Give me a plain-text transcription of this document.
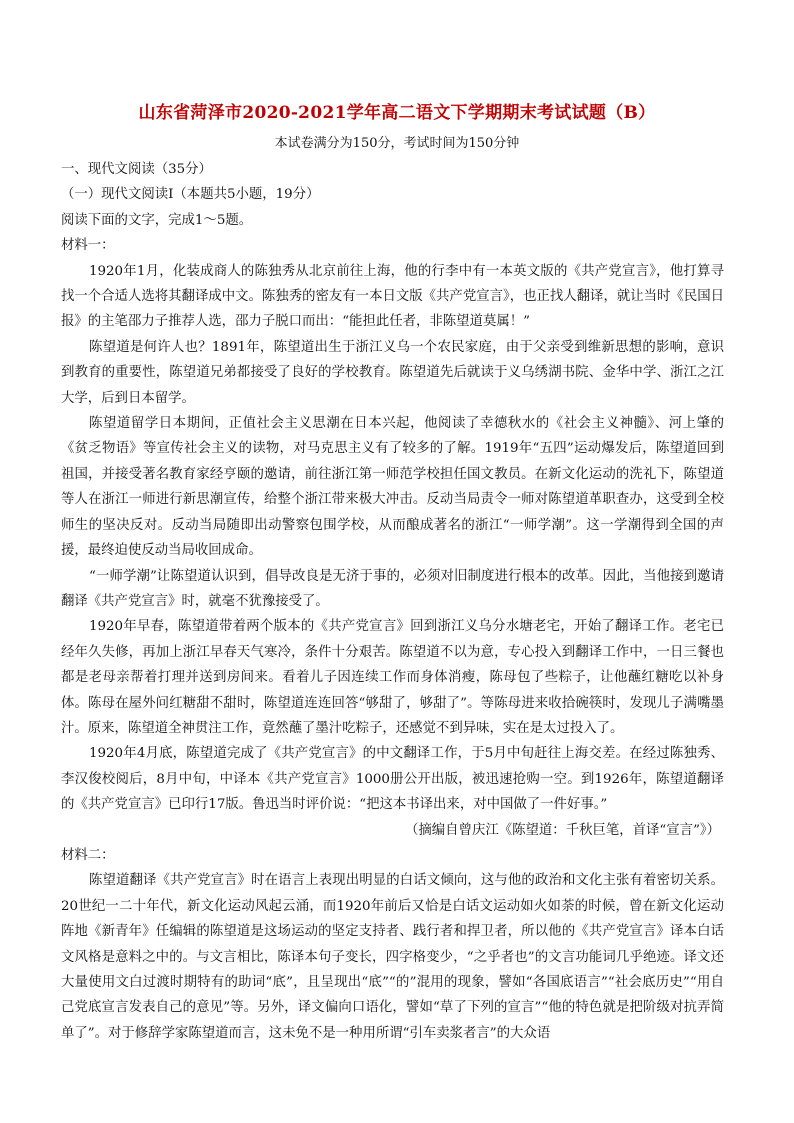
山东省菏泽市2020-2021学年高二语文下学期期末考试试题（B）
本试卷满分为150分，考试时间为150分钟

一、现代文阅读（35分）

（一）现代文阅读Ⅰ（本题共5小题，19分）

阅读下面的文字，完成1～5题。

材料一：

1920年1月，化装成商人的陈独秀从北京前往上海，他的行李中有一本英文版的《共产党宣言》，他打算寻找一个合适人选将其翻译成中文。陈独秀的密友有一本日文版《共产党宣言》，也正找人翻译，就让当时《民国日报》的主笔邵力子推荐人选，邵力子脱口而出：“能担此任者，非陈望道莫属！”

陈望道是何许人也？1891年，陈望道出生于浙江义乌一个农民家庭，由于父亲受到维新思想的影响，意识到教育的重要性，陈望道兄弟都接受了良好的学校教育。陈望道先后就读于义乌绣湖书院、金华中学、浙江之江大学，后到日本留学。

陈望道留学日本期间，正值社会主义思潮在日本兴起，他阅读了幸德秋水的《社会主义神髓》、河上肇的《贫乏物语》等宣传社会主义的读物，对马克思主义有了较多的了解。1919年“五四”运动爆发后，陈望道回到祖国，并接受著名教育家经亨颐的邀请，前往浙江第一师范学校担任国文教员。在新文化运动的洗礼下，陈望道等人在浙江一师进行新思潮宣传，给整个浙江带来极大冲击。反动当局责令一师对陈望道革职查办，这受到全校师生的坚决反对。反动当局随即出动警察包围学校，从而酿成著名的浙江“一师学潮”。这一学潮得到全国的声援，最终迫使反动当局收回成命。

“一师学潮”让陈望道认识到，倡导改良是无济于事的，必须对旧制度进行根本的改革。因此，当他接到邀请翻译《共产党宣言》时，就毫不犹豫接受了。

1920年早春，陈望道带着两个版本的《共产党宣言》回到浙江义乌分水塘老宅，开始了翻译工作。老宅已经年久失修，再加上浙江早春天气寒冷，条件十分艰苦。陈望道不以为意，专心投入到翻译工作中，一日三餐也都是老母亲帮着打理并送到房间来。看着儿子因连续工作而身体消瘦，陈母包了些粽子，让他蘸红糖吃以补身体。陈母在屋外问红糖甜不甜时，陈望道连连回答“够甜了，够甜了”。等陈母进来收拾碗筷时，发现儿子满嘴墨汁。原来，陈望道全神贯注工作，竟然蘸了墨汁吃粽子，还感觉不到异味，实在是太过投入了。

1920年4月底，陈望道完成了《共产党宣言》的中文翻译工作，于5月中旬赶往上海交差。在经过陈独秀、李汉俊校阅后，8月中旬，中译本《共产党宣言》1000册公开出版，被迅速抢购一空。到1926年，陈望道翻译的《共产党宣言》已印行17版。鲁迅当时评价说：“把这本书译出来，对中国做了一件好事。”

（摘编自曾庆江《陈望道：千秋巨笔，首译“宣言”》）

材料二：

陈望道翻译《共产党宣言》时在语言上表现出明显的白话文倾向，这与他的政治和文化主张有着密切关系。20世纪一二十年代，新文化运动风起云涌，而1920年前后又恰是白话文运动如火如荼的时候，曾在新文化运动阵地《新青年》任编辑的陈望道是这场运动的坚定支持者、践行者和捍卫者，所以他的《共产党宣言》译本白话文风格是意料之中的。与文言相比，陈译本句子变长，四字格变少，“之乎者也”的文言功能词几乎绝迹。译文还大量使用文白过渡时期特有的助词“底”，且呈现出“底”“的”混用的现象，譬如“各国底语言”“社会底历史”“用自己党底宣言发表自己的意见”等。另外，译文偏向口语化，譬如“草了下列的宣言”“他的特色就是把阶级对抗弄简单了”。对于修辞学家陈望道而言，这未免不是一种用所谓“引车卖浆者言”的大众语
